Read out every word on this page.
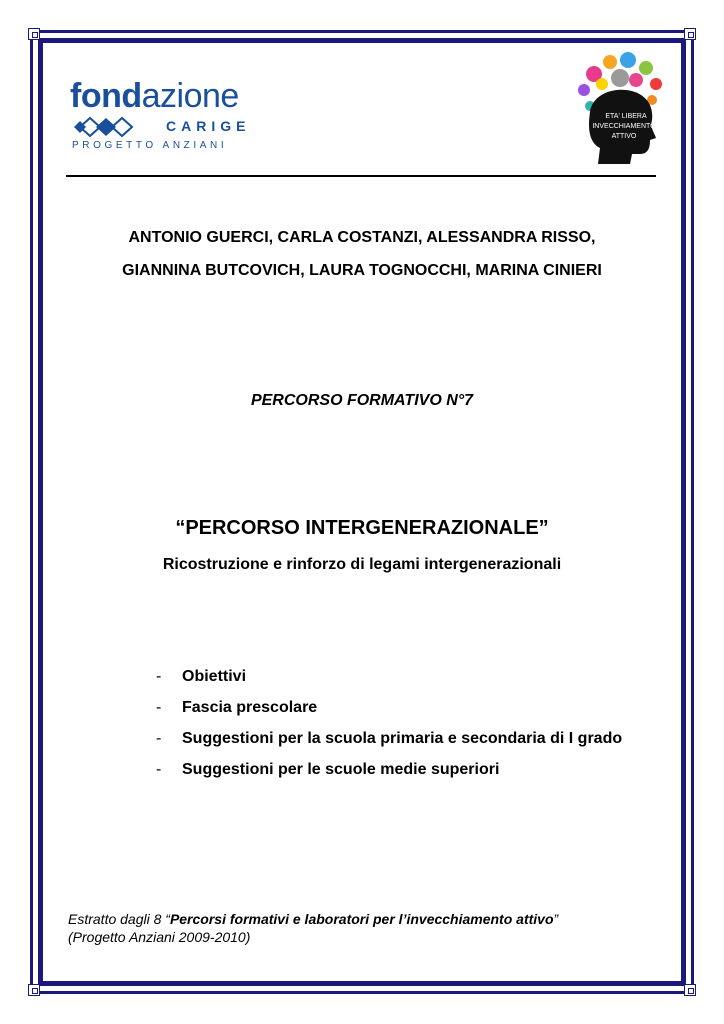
fondazione
CARIGE
PROGETTO ANZIANI
ETA' LIBERA
INVECCHIAMENTO
ATTIVO
ANTONIO GUERCI, CARLA COSTANZI, ALESSANDRA RISSO,
GIANNINA BUTCOVICH, LAURA TOGNOCCHI, MARINA CINIERI
PERCORSO FORMATIVO N°7
“PERCORSO INTERGENERAZIONALE”
Ricostruzione e rinforzo di legami intergenerazionali
- Obiettivi
- Fascia prescolare
- Suggestioni per la scuola primaria e secondaria di I grado
- Suggestioni per le scuole medie superiori
Estratto dagli 8 “Percorsi formativi e laboratori per l’invecchiamento attivo”
(Progetto Anziani 2009-2010)
